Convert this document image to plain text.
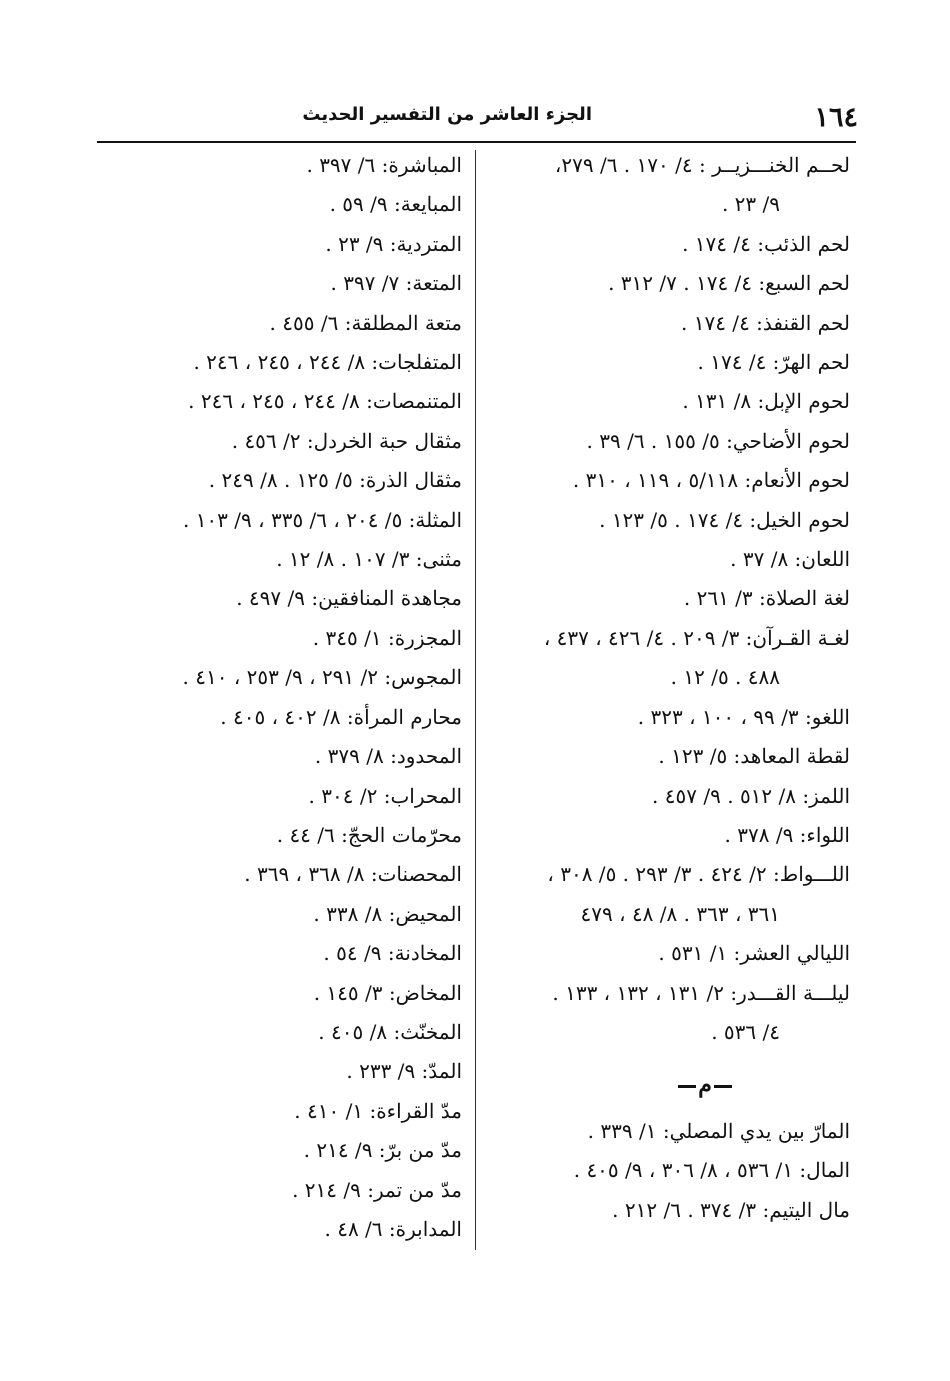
١٦٤
الجزء العاشر من التفسير الحديث
لحــم الخنـــزيــر : ٤/ ١٧٠ . ٦/ ٢٧٩،
٩/ ٢٣ .
لحم الذئب: ٤/ ١٧٤ .
لحم السبع: ٤/ ١٧٤ . ٧/ ٣١٢ .
لحم القنفذ: ٤/ ١٧٤ .
لحم الهرّ: ٤/ ١٧٤ .
لحوم الإبل: ٨/ ١٣١ .
لحوم الأضاحي: ٥/ ١٥٥ . ٦/ ٣٩ .
لحوم الأنعام: ٥/١١٨ ، ١١٩ ، ٣١٠ .
لحوم الخيل: ٤/ ١٧٤ . ٥/ ١٢٣ .
اللعان: ٨/ ٣٧ .
لغة الصلاة: ٣/ ٢٦١ .
لغـة القـرآن: ٣/ ٢٠٩ . ٤/ ٤٢٦ ، ٤٣٧ ،
٤٨٨ . ٥/ ١٢ .
اللغو: ٣/ ٩٩ ، ١٠٠ ، ٣٢٣ .
لقطة المعاهد: ٥/ ١٢٣ .
اللمز: ٨/ ٥١٢ . ٩/ ٤٥٧ .
اللواء: ٩/ ٣٧٨ .
اللـــواط: ٢/ ٤٢٤ . ٣/ ٢٩٣ . ٥/ ٣٠٨ ،
٣٦١ ، ٣٦٣ . ٨/ ٤٨ ، ٤٧٩
الليالي العشر: ١/ ٥٣١ .
ليلـــة القـــدر: ٢/ ١٣١ ، ١٣٢ ، ١٣٣ .
٤/ ٥٣٦ .
م
المارّ بين يدي المصلي: ١/ ٣٣٩ .
المال: ١/ ٥٣٦ ، ٨/ ٣٠٦ ، ٩/ ٤٠٥ .
مال اليتيم: ٣/ ٣٧٤ . ٦/ ٢١٢ .
المباشرة: ٦/ ٣٩٧ .
المبايعة: ٩/ ٥٩ .
المتردية: ٩/ ٢٣ .
المتعة: ٧/ ٣٩٧ .
متعة المطلقة: ٦/ ٤٥٥ .
المتفلجات: ٨/ ٢٤٤ ، ٢٤٥ ، ٢٤٦ .
المتنمصات: ٨/ ٢٤٤ ، ٢٤٥ ، ٢٤٦ .
مثقال حبة الخردل: ٢/ ٤٥٦ .
مثقال الذرة: ٥/ ١٢٥ . ٨/ ٢٤٩ .
المثلة: ٥/ ٢٠٤ ، ٦/ ٣٣٥ ، ٩/ ١٠٣ .
مثنى: ٣/ ١٠٧ . ٨/ ١٢ .
مجاهدة المنافقين: ٩/ ٤٩٧ .
المجزرة: ١/ ٣٤٥ .
المجوس: ٢/ ٢٩١ ، ٩/ ٢٥٣ ، ٤١٠ .
محارم المرأة: ٨/ ٤٠٢ ، ٤٠٥ .
المحدود: ٨/ ٣٧٩ .
المحراب: ٢/ ٣٠٤ .
محرّمات الحجّ: ٦/ ٤٤ .
المحصنات: ٨/ ٣٦٨ ، ٣٦٩ .
المحيض: ٨/ ٣٣٨ .
المخادنة: ٩/ ٥٤ .
المخاض: ٣/ ١٤٥ .
المخنّث: ٨/ ٤٠٥ .
المدّ: ٩/ ٢٣٣ .
مدّ القراءة: ١/ ٤١٠ .
مدّ من برّ: ٩/ ٢١٤ .
مدّ من تمر: ٩/ ٢١٤ .
المدابرة: ٦/ ٤٨ .
